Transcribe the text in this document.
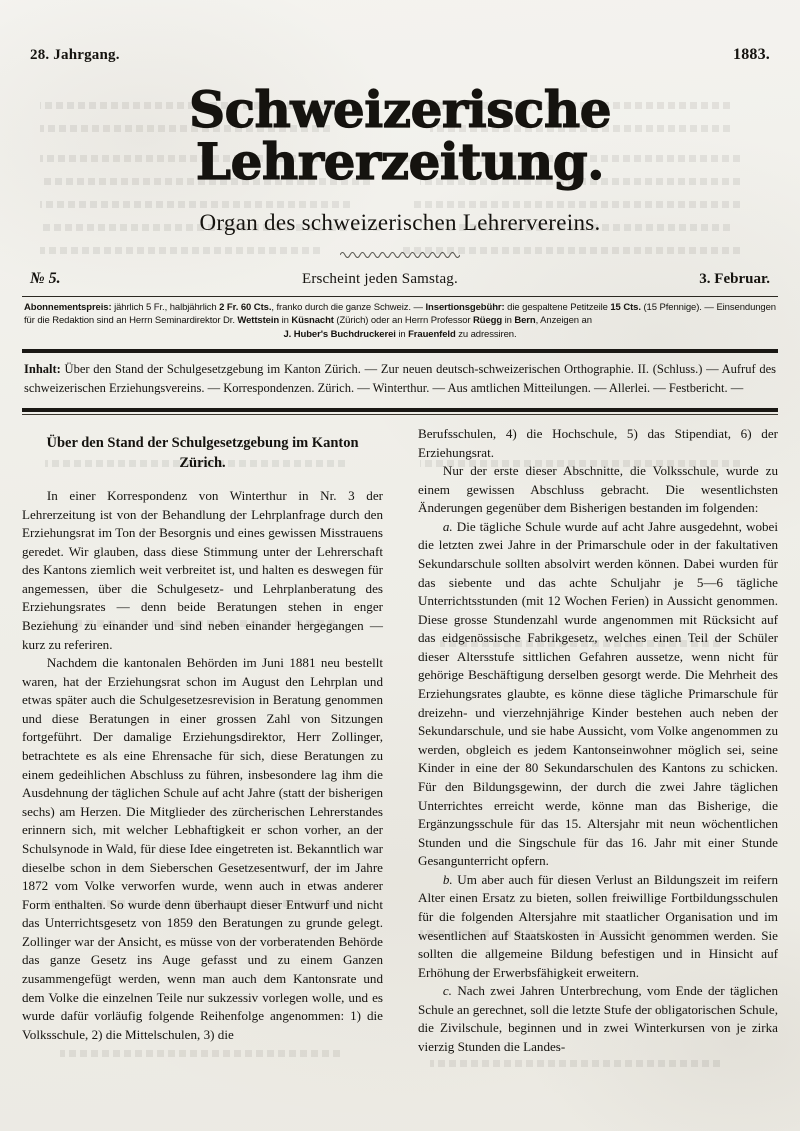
28. Jahrgang.	1883.
Schweizerische Lehrerzeitung.
Organ des schweizerischen Lehrervereins.
№ 5.	Erscheint jeden Samstag.	3. Februar.
Abonnementspreis: jährlich 5 Fr., halbjährlich 2 Fr. 60 Cts., franko durch die ganze Schweiz. — Insertionsgebühr: die gespaltene Petitzeile 15 Cts. (15 Pfennige). — Einsendungen für die Redaktion sind an Herrn Seminardirektor Dr. Wettstein in Küsnacht (Zürich) oder an Herrn Professor Rüegg in Bern, Anzeigen an
J. Huber's Buchdruckerei in Frauenfeld zu adressiren.
Inhalt: Über den Stand der Schulgesetzgebung im Kanton Zürich. — Zur neuen deutsch-schweizerischen Orthographie. II. (Schluss.) — Aufruf des schweizerischen Erziehungsvereins. — Korrespondenzen. Zürich. — Winterthur. — Aus amtlichen Mitteilungen. — Allerlei. — Festbericht. —
Über den Stand der Schulgesetzgebung im Kanton Zürich.

In einer Korrespondenz von Winterthur in Nr. 3 der Lehrerzeitung ist von der Behandlung der Lehrplanfrage durch den Erziehungsrat im Ton der Besorgnis und eines gewissen Misstrauens geredet. Wir glauben, dass diese Stimmung unter der Lehrerschaft des Kantons ziemlich weit verbreitet ist, und halten es deswegen für angemessen, über die Schulgesetz- und Lehrplanberatung des Erziehungsrates — denn beide Beratungen stehen in enger Beziehung zu einander und sind neben einander hergegangen — kurz zu referiren.

Nachdem die kantonalen Behörden im Juni 1881 neu bestellt waren, hat der Erziehungsrat schon im August den Lehrplan und etwas später auch die Schulgesetzesrevision in Beratung genommen und diese Beratungen in einer grossen Zahl von Sitzungen fortgeführt. Der damalige Erziehungsdirektor, Herr Zollinger, betrachtete es als eine Ehrensache für sich, diese Beratungen zu einem gedeihlichen Abschluss zu führen, insbesondere lag ihm die Ausdehnung der täglichen Schule auf acht Jahre (statt der bisherigen sechs) am Herzen. Die Mitglieder des zürcherischen Lehrerstandes erinnern sich, mit welcher Lebhaftigkeit er schon vorher, an der Schulsynode in Wald, für diese Idee eingetreten ist. Bekanntlich war dieselbe schon in dem Sieberschen Gesetzesentwurf, der im Jahre 1872 vom Volke verworfen wurde, wenn auch in etwas anderer Form enthalten. So wurde denn überhaupt dieser Entwurf und nicht das Unterrichtsgesetz von 1859 den Beratungen zu grunde gelegt. Zollinger war der Ansicht, es müsse von der vorberatenden Behörde das ganze Gesetz ins Auge gefasst und zu einem Ganzen zusammengefügt werden, wenn man auch dem Kantonsrate und dem Volke die einzelnen Teile nur sukzessiv vorlegen wolle, und es wurde dafür vorläufig folgende Reihenfolge angenommen: 1) die Volksschule, 2) die Mittelschulen, 3) die

Berufsschulen, 4) die Hochschule, 5) das Stipendiat, 6) der Erziehungsrat.

Nur der erste dieser Abschnitte, die Volksschule, wurde zu einem gewissen Abschluss gebracht. Die wesentlichsten Änderungen gegenüber dem Bisherigen bestanden im folgenden:

a. Die tägliche Schule wurde auf acht Jahre ausgedehnt, wobei die letzten zwei Jahre in der Primarschule oder in der fakultativen Sekundarschule sollten absolvirt werden können. Dabei wurden für das siebente und das achte Schuljahr je 5—6 tägliche Unterrichtsstunden (mit 12 Wochen Ferien) in Aussicht genommen. Diese grosse Stundenzahl wurde angenommen mit Rücksicht auf das eidgenössische Fabrikgesetz, welches einen Teil der Schüler dieser Altersstufe sittlichen Gefahren aussetze, wenn nicht für gehörige Beschäftigung derselben gesorgt werde. Die Mehrheit des Erziehungsrates glaubte, es könne diese tägliche Primarschule für dreizehn- und vierzehnjährige Kinder bestehen auch neben der Sekundarschule, und sie habe Aussicht, vom Volke angenommen zu werden, obgleich es jedem Kantonseinwohner möglich sei, seine Kinder in eine der 80 Sekundarschulen des Kantons zu schicken. Für den Bildungsgewinn, der durch die zwei Jahre täglichen Unterrichtes erreicht werde, könne man das Bisherige, die Ergänzungsschule für das 15. Altersjahr mit neun wöchentlichen Stunden und die Singschule für das 16. Jahr mit einer Stunde Gesangunterricht opfern.

b. Um aber auch für diesen Verlust an Bildungszeit im reifern Alter einen Ersatz zu bieten, sollen freiwillige Fortbildungsschulen für die folgenden Altersjahre mit staatlicher Organisation und im wesentlichen auf Staatskosten in Aussicht genommen werden. Sie sollten die allgemeine Bildung befestigen und in Hinsicht auf Erhöhung der Erwerbsfähigkeit erweitern.

c. Nach zwei Jahren Unterbrechung, vom Ende der täglichen Schule an gerechnet, soll die letzte Stufe der obligatorischen Schule, die Zivilschule, beginnen und in zwei Winterkursen von je zirka vierzig Stunden die Landes-
